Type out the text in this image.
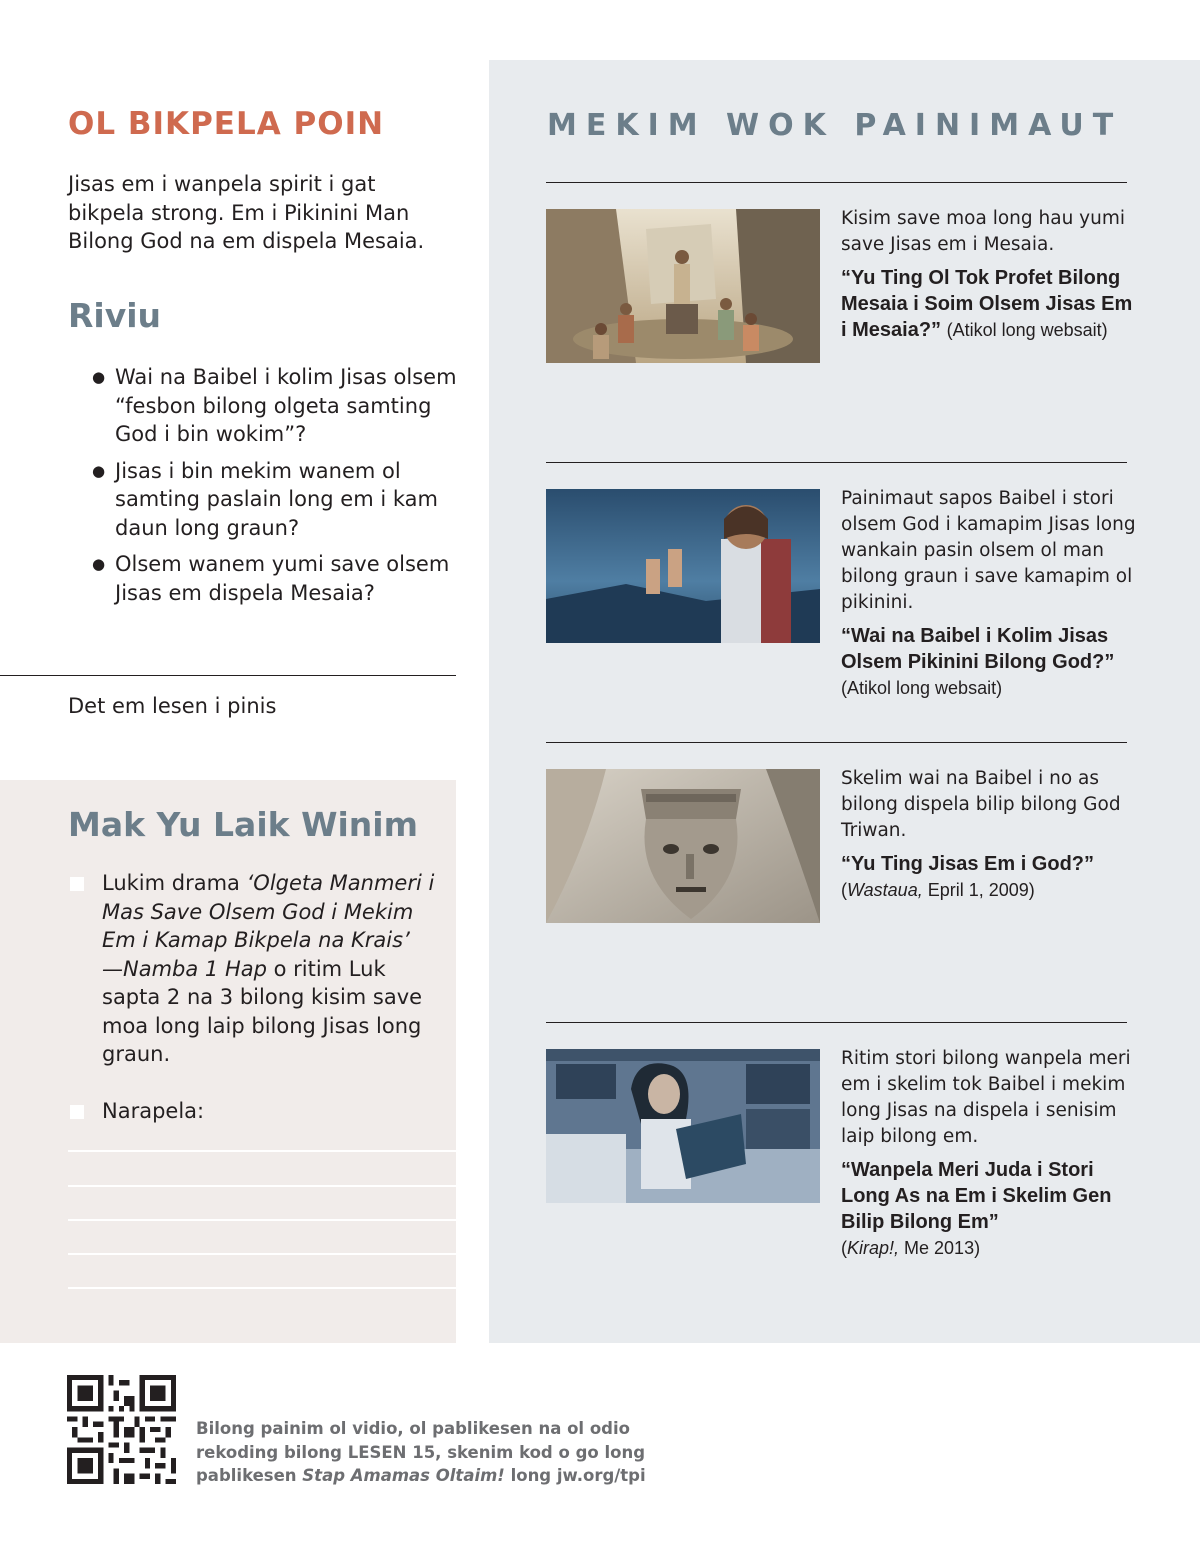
OL BIKPELA POIN

Jisas em i wanpela spirit i gat bikpela strong. Em i Pikinini Man Bilong God na em dispela Mesaia.

Riviu
● Wai na Baibel i kolim Jisas olsem “fesbon bilong olgeta samting God i bin wokim”?
● Jisas i bin mekim wanem ol samting paslain long em i kam daun long graun?
● Olsem wanem yumi save olsem Jisas em dispela Mesaia?

Det em lesen i pinis

Mak Yu Laik Winim

Lukim drama ‘Olgeta Manmeri i Mas Save Olsem God i Mekim Em i Kamap Bikpela na Krais’ —Namba 1 Hap o ritim Luk sapta 2 na 3 bilong kisim save moa long laip bilong Jisas long graun.

Narapela:

MEKIM WOK PAINIMAUT

Kisim save moa long hau yumi save Jisas em i Mesaia.

“Yu Ting Ol Tok Profet Bilong Mesaia i Soim Olsem Jisas Em i Mesaia?” (Atikol long websait)

Painimaut sapos Baibel i stori olsem God i kamapim Jisas long wankain pasin olsem ol man bilong graun i save kamapim ol pikinini.

“Wai na Baibel i Kolim Jisas Olsem Pikinini Bilong God?”

(Atikol long websait)

Skelim wai na Baibel i no as bilong dispela bilip bilong God Triwan.

“Yu Ting Jisas Em i God?”

(Wastaua, Epril 1, 2009)

Ritim stori bilong wanpela meri em i skelim tok Baibel i mekim long Jisas na dispela i senisim laip bilong em.

“Wanpela Meri Juda i Stori Long As na Em i Skelim Gen Bilip Bilong Em”

(Kirap!, Me 2013)

Bilong painim ol vidio, ol pablikesen na ol odio rekoding bilong LESEN 15, skenim kod o go long pablikesen Stap Amamas Oltaim! long jw.org/tpi
